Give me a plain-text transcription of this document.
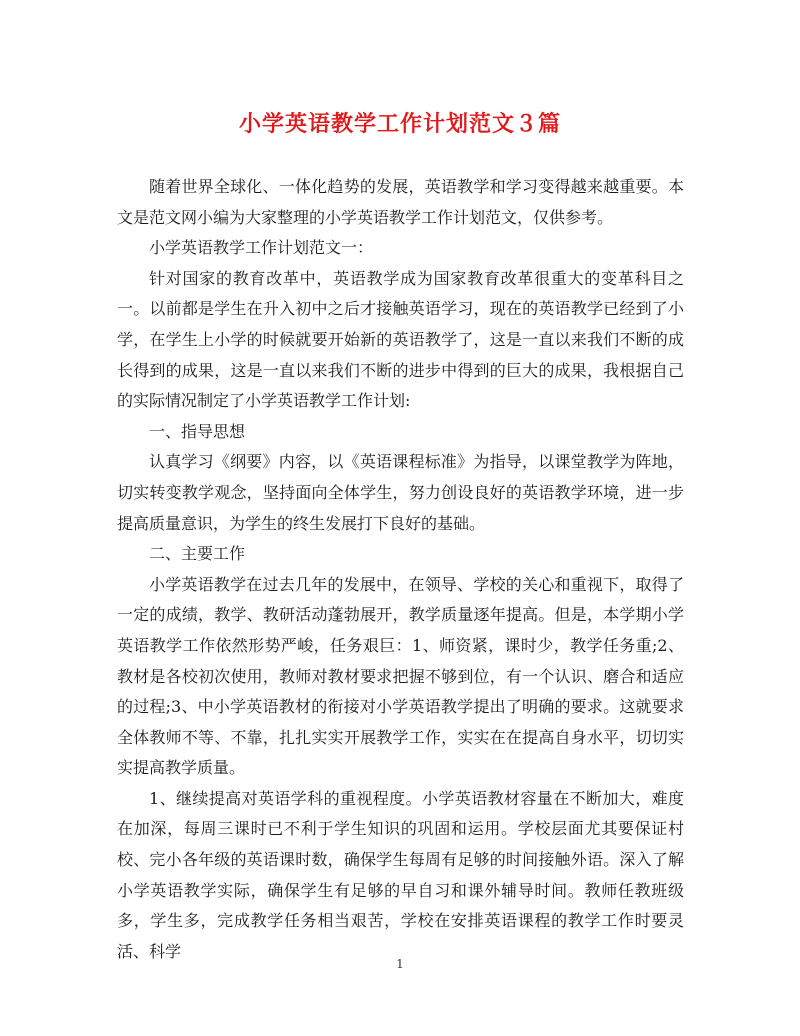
小学英语教学工作计划范文３篇

随着世界全球化、一体化趋势的发展，英语教学和学习变得越来越重要。本文是范文网小编为大家整理的小学英语教学工作计划范文，仅供参考。

小学英语教学工作计划范文一：

针对国家的教育改革中，英语教学成为国家教育改革很重大的变革科目之一。以前都是学生在升入初中之后才接触英语学习，现在的英语教学已经到了小学，在学生上小学的时候就要开始新的英语教学了，这是一直以来我们不断的成长得到的成果，这是一直以来我们不断的进步中得到的巨大的成果，我根据自己的实际情况制定了小学英语教学工作计划:

一、指导思想

认真学习《纲要》内容，以《英语课程标准》为指导，以课堂教学为阵地，切实转变教学观念，坚持面向全体学生，努力创设良好的英语教学环境，进一步提高质量意识，为学生的终生发展打下良好的基础。

二、主要工作

小学英语教学在过去几年的发展中，在领导、学校的关心和重视下，取得了一定的成绩，教学、教研活动蓬勃展开，教学质量逐年提高。但是，本学期小学英语教学工作依然形势严峻，任务艰巨：1、师资紧，课时少，教学任务重;2、教材是各校初次使用，教师对教材要求把握不够到位，有一个认识、磨合和适应的过程;3、中小学英语教材的衔接对小学英语教学提出了明确的要求。这就要求全体教师不等、不靠，扎扎实实开展教学工作，实实在在提高自身水平，切切实实提高教学质量。

1、继续提高对英语学科的重视程度。小学英语教材容量在不断加大，难度在加深，每周三课时已不利于学生知识的巩固和运用。学校层面尤其要保证村校、完小各年级的英语课时数，确保学生每周有足够的时间接触外语。深入了解小学英语教学实际，确保学生有足够的早自习和课外辅导时间。教师任教班级多，学生多，完成教学任务相当艰苦，学校在安排英语课程的教学工作时要灵活、科学

1
